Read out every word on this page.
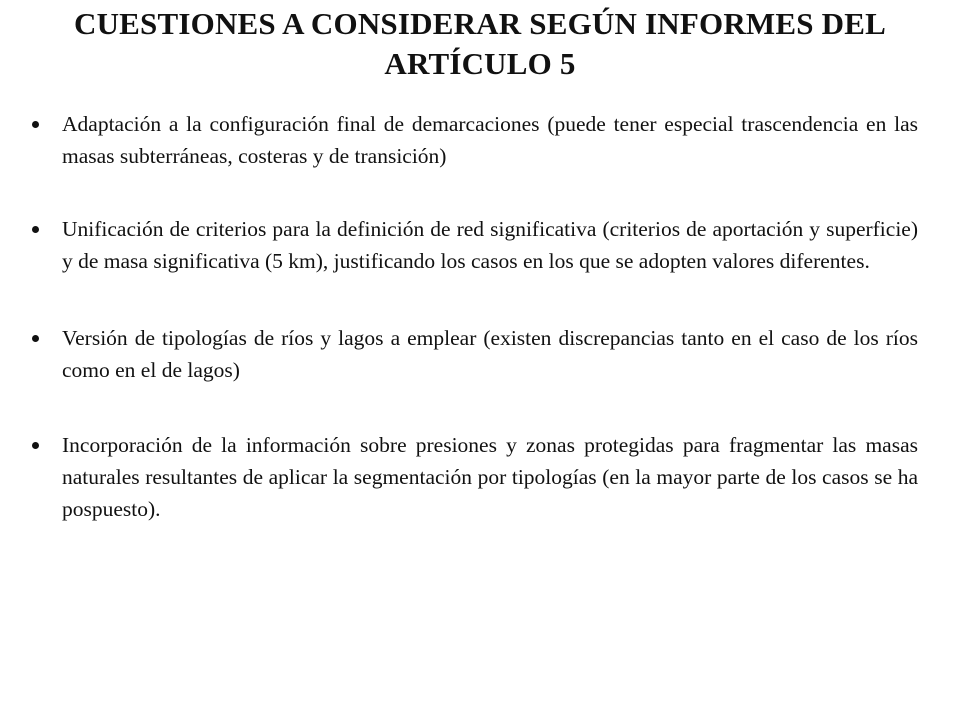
CUESTIONES A CONSIDERAR SEGÚN INFORMES DEL ARTÍCULO 5
Adaptación a la configuración final de demarcaciones (puede tener especial trascendencia en las masas subterráneas, costeras y de transición)
Unificación de criterios para la definición de red significativa (criterios de aportación y superficie) y de masa significativa (5 km), justificando los casos en los que se adopten valores diferentes.
Versión de tipologías de ríos y lagos a emplear (existen discrepancias tanto en el caso de los ríos como en el de lagos)
Incorporación de la información sobre presiones y zonas protegidas para fragmentar las masas naturales resultantes de aplicar la segmentación por tipologías (en la mayor parte de los casos se ha pospuesto).
